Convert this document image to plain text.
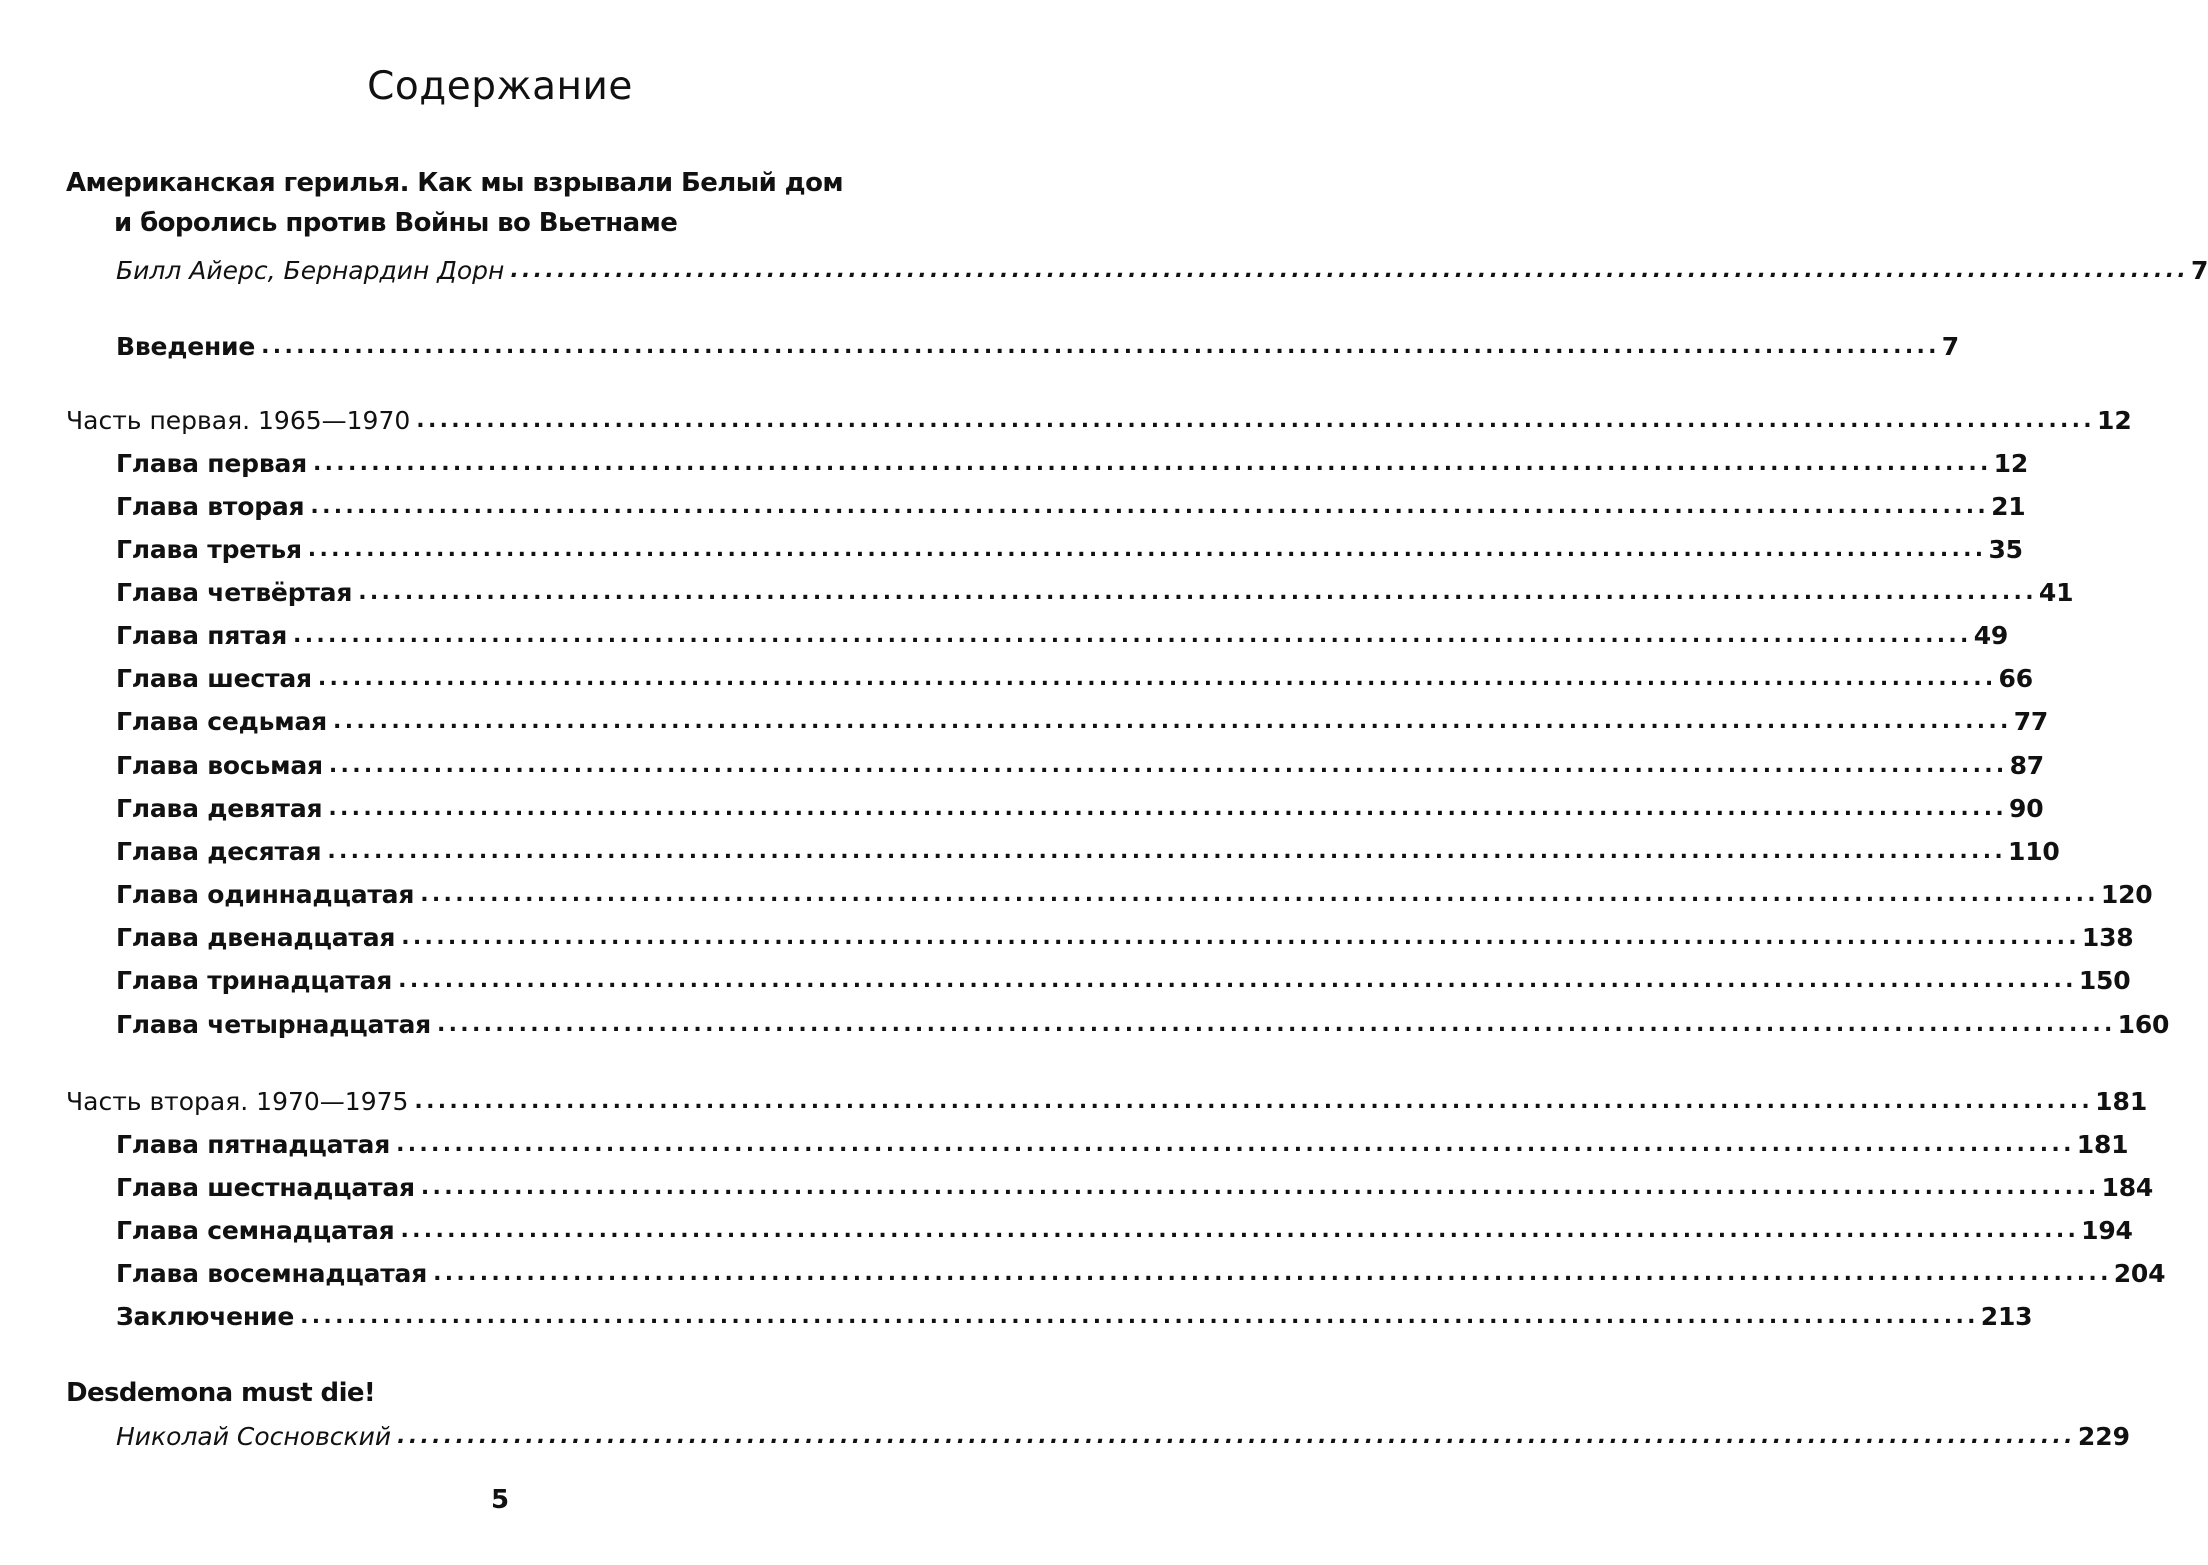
Содержание
Американская герилья. Как мы взрывали Белый дом
и боролись против Войны во Вьетнаме
Билл Айерс, Бернардин Дорн ................................................................................................................................................ 7
Введение ................................................................................................................................................ 7
Часть первая. 1965—1970 ................................................................................................................................................ 12
Глава первая ................................................................................................................................................ 12
Глава вторая ................................................................................................................................................ 21
Глава третья ................................................................................................................................................ 35
Глава четвёртая ................................................................................................................................................ 41
Глава пятая ................................................................................................................................................ 49
Глава шестая ................................................................................................................................................ 66
Глава седьмая ................................................................................................................................................ 77
Глава восьмая ................................................................................................................................................ 87
Глава девятая ................................................................................................................................................ 90
Глава десятая ................................................................................................................................................ 110
Глава одиннадцатая ................................................................................................................................................ 120
Глава двенадцатая ................................................................................................................................................ 138
Глава тринадцатая ................................................................................................................................................ 150
Глава четырнадцатая ................................................................................................................................................ 160
Часть вторая. 1970—1975 ................................................................................................................................................ 181
Глава пятнадцатая ................................................................................................................................................ 181
Глава шестнадцатая ................................................................................................................................................ 184
Глава семнадцатая ................................................................................................................................................ 194
Глава восемнадцатая ................................................................................................................................................ 204
Заключение ................................................................................................................................................ 213
Desdemona must die!
Николай Сосновский ................................................................................................................................................ 229
5
